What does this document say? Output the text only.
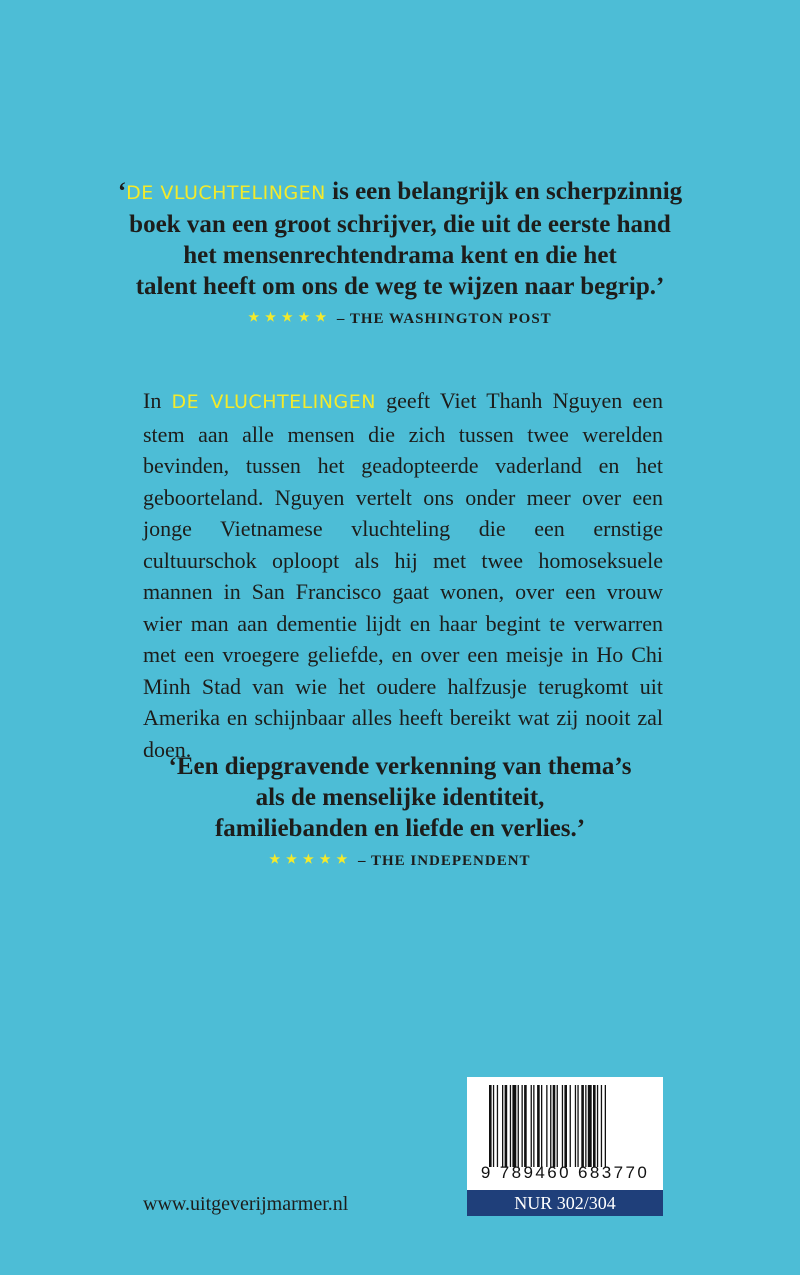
‘DE VLUCHTELINGEN is een belangrijk en scherpzinnig

boek van een groot schrijver, die uit de eerste hand

het mensenrechtendrama kent en die het

talent heeft om ons de weg te wijzen naar begrip.’

★★★★★ – THE WASHINGTON POST

In DE VLUCHTELINGEN geeft Viet Thanh Nguyen een stem aan alle mensen die zich tussen twee werelden bevinden, tussen het geadopteerde vaderland en het geboorteland. Nguyen vertelt ons onder meer over een jonge Vietnamese vluchteling die een ernstige cultuurschok oploopt als hij met twee homoseksuele mannen in San Francisco gaat wonen, over een vrouw wier man aan dementie lijdt en haar begint te verwarren met een vroegere geliefde, en over een meisje in Ho Chi Minh Stad van wie het oudere halfzusje terugkomt uit Amerika en schijnbaar alles heeft bereikt wat zij nooit zal doen.

‘Een diepgravende verkenning van thema’s

als de menselijke identiteit,

familiebanden en liefde en verlies.’

★★★★★ – THE INDEPENDENT

www.uitgeverijmarmer.nl
9 789460 683770
NUR 302/304
